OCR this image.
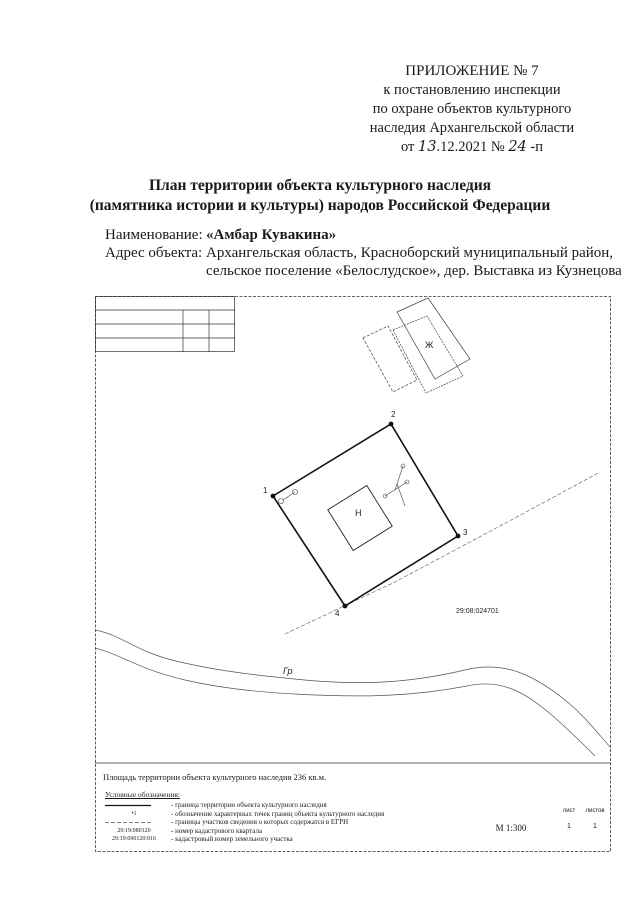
ПРИЛОЖЕНИЕ № 7
к постановлению инспекции
по охране объектов культурного
наследия Архангельской области
от 13.12.2021 № 24 -п
План территории объекта культурного наследия
(памятника истории и культуры) народов Российской Федерации
Наименование: «Амбар Кувакина»
Адрес объекта: Архангельская область, Красноборский муниципальный район, сельское поселение «Белослудское», дер. Выставка из Кузнецова
1
2
3
4
Ж
Н
29:08:024701
Гр
Площадь территории объекта культурного наследия 236 кв.м.
Условные обозначения:
- граница территории объекта культурного наследия
•1	- обозначение характерных точек границ объекта культурного наследия
- границы участков сведения о которых содержатся в ЕГРН
29:19:080120	- номер кадастрового квартала
29:19:090120:916	- кадастровый номер земельного участка
М 1:300
лист	листов
1	1
